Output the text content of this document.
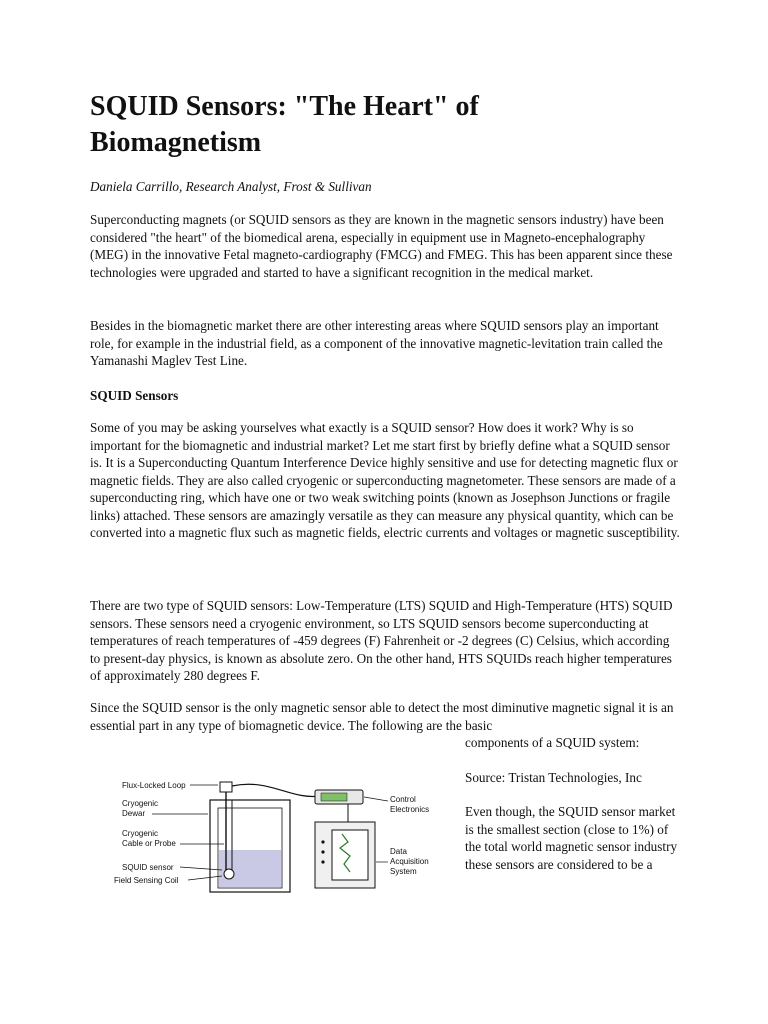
SQUID Sensors: "The Heart" of Biomagnetism

Daniela Carrillo, Research Analyst, Frost & Sullivan

Superconducting magnets (or SQUID sensors as they are known in the magnetic sensors industry) have been considered "the heart" of the biomedical arena, especially in equipment use in Magneto-encephalography (MEG) in the innovative Fetal magneto-cardiography (FMCG) and FMEG. This has been apparent since these technologies were upgraded and started to have a significant recognition in the medical market.

Besides in the biomagnetic market there are other interesting areas where SQUID sensors play an important role, for example in the industrial field, as a component of the innovative magnetic-levitation train called the Yamanashi Maglev Test Line.

SQUID Sensors

Some of you may be asking yourselves what exactly is a SQUID sensor? How does it work? Why is so important for the biomagnetic and industrial market? Let me start first by briefly define what a SQUID sensor is. It is a Superconducting Quantum Interference Device highly sensitive and use for detecting magnetic flux or magnetic fields. They are also called cryogenic or superconducting magnetometer. These sensors are made of a superconducting ring, which have one or two weak switching points (known as Josephson Junctions or fragile links) attached. These sensors are amazingly versatile as they can measure any physical quantity, which can be converted into a magnetic flux such as magnetic fields, electric currents and voltages or magnetic susceptibility.

There are two type of SQUID sensors: Low-Temperature (LTS) SQUID and High-Temperature (HTS) SQUID sensors. These sensors need a cryogenic environment, so LTS SQUID sensors become superconducting at temperatures of reach temperatures of -459 degrees (F) Fahrenheit or -2 degrees (C) Celsius, which according to present-day physics, is known as absolute zero. On the other hand, HTS SQUIDs reach higher temperatures of approximately 280 degrees F.

Since the SQUID sensor is the only magnetic sensor able to detect the most diminutive magnetic signal it is an essential part in any type of biomagnetic device. The following are the basic

components of a SQUID system:

Source: Tristan Technologies, Inc

Even though, the SQUID sensor market is the smallest section (close to 1%) of the total world magnetic sensor industry these sensors are considered to be a

Flux-Locked Loop
Cryogenic
Dewar
Cryogenic
Cable or Probe
SQUID sensor
Field Sensing Coil
Control
Electronics
Data
Acquisition
System
